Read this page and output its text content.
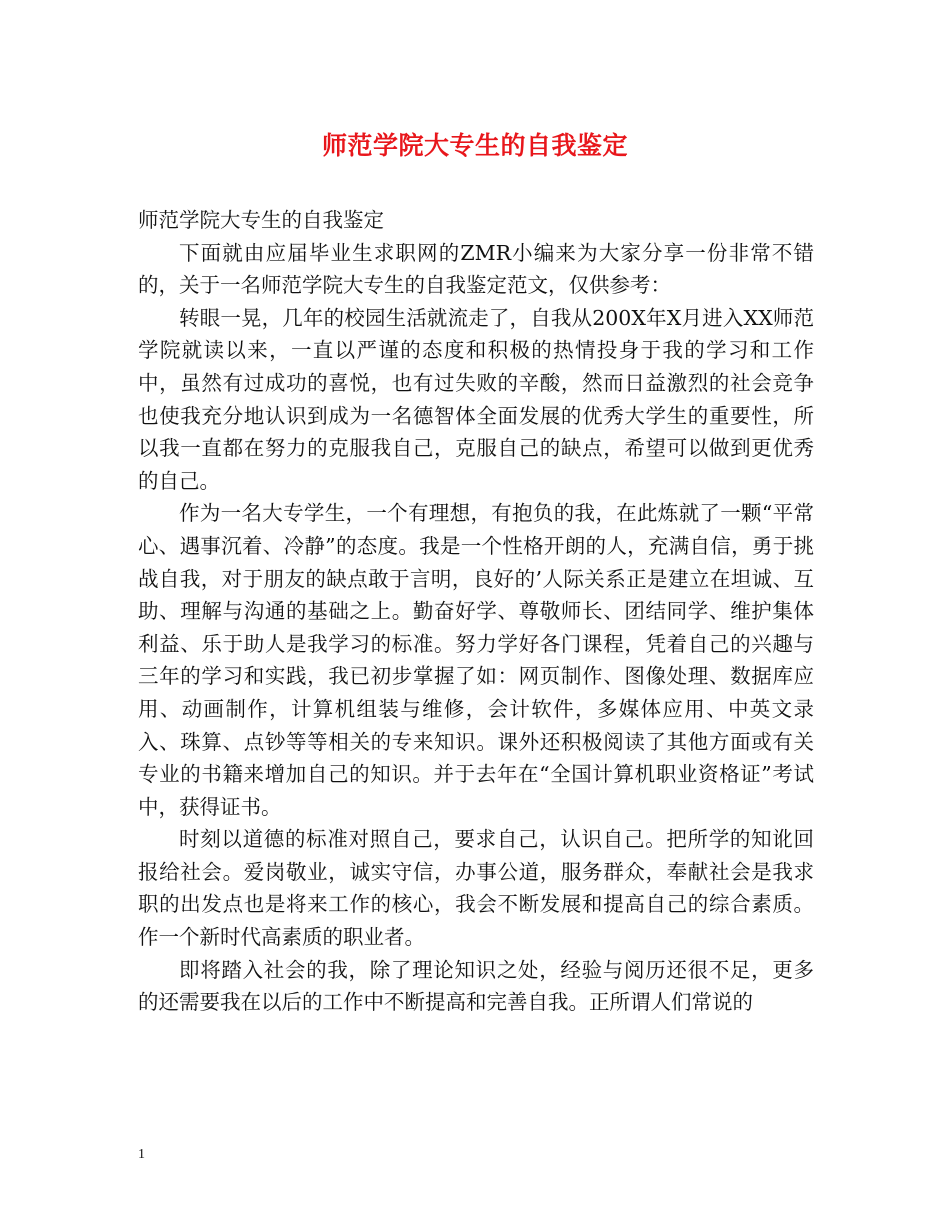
师范学院大专生的自我鉴定

师范学院大专生的自我鉴定

下面就由应届毕业生求职网的ZMR小编来为大家分享一份非常不错的，关于一名师范学院大专生的自我鉴定范文，仅供参考：

转眼一晃，几年的校园生活就流走了，自我从200X年X月进入XX师范学院就读以来，一直以严谨的态度和积极的热情投身于我的学习和工作中，虽然有过成功的喜悦，也有过失败的辛酸，然而日益激烈的社会竞争也使我充分地认识到成为一名德智体全面发展的优秀大学生的重要性，所以我一直都在努力的克服我自己，克服自己的缺点，希望可以做到更优秀的自己。

作为一名大专学生，一个有理想，有抱负的我，在此炼就了一颗“平常心、遇事沉着、冷静”的态度。我是一个性格开朗的人，充满自信，勇于挑战自我，对于朋友的缺点敢于言明，良好的’人际关系正是建立在坦诚、互助、理解与沟通的基础之上。勤奋好学、尊敬师长、团结同学、维护集体利益、乐于助人是我学习的标准。努力学好各门课程，凭着自己的兴趣与三年的学习和实践，我已初步掌握了如：网页制作、图像处理、数据库应用、动画制作，计算机组装与维修，会计软件，多媒体应用、中英文录入、珠算、点钞等等相关的专来知识。课外还积极阅读了其他方面或有关专业的书籍来增加自己的知识。并于去年在“全国计算机职业资格证”考试中，获得证书。

时刻以道德的标准对照自己，要求自己，认识自己。把所学的知讹回报给社会。爱岗敬业，诚实守信，办事公道，服务群众，奉献社会是我求职的出发点也是将来工作的核心，我会不断发展和提高自己的综合素质。作一个新时代高素质的职业者。

即将踏入社会的我，除了理论知识之处，经验与阅历还很不足，更多的还需要我在以后的工作中不断提高和完善自我。正所谓人们常说的

1
